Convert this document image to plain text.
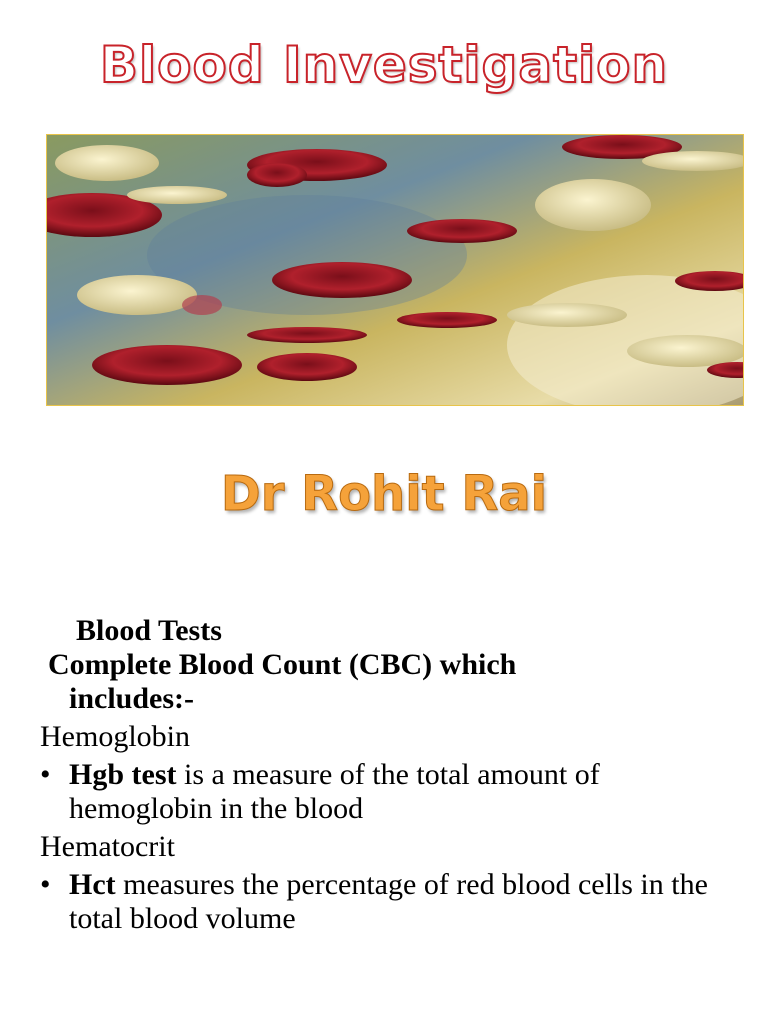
Blood Investigation
Dr Rohit Rai

Blood Tests

Complete Blood Count (CBC) which

includes:-

Hemoglobin

• Hgb test is a measure of the total amount of hemoglobin in the blood

Hematocrit

• Hct measures the percentage of red blood cells in the total blood volume
